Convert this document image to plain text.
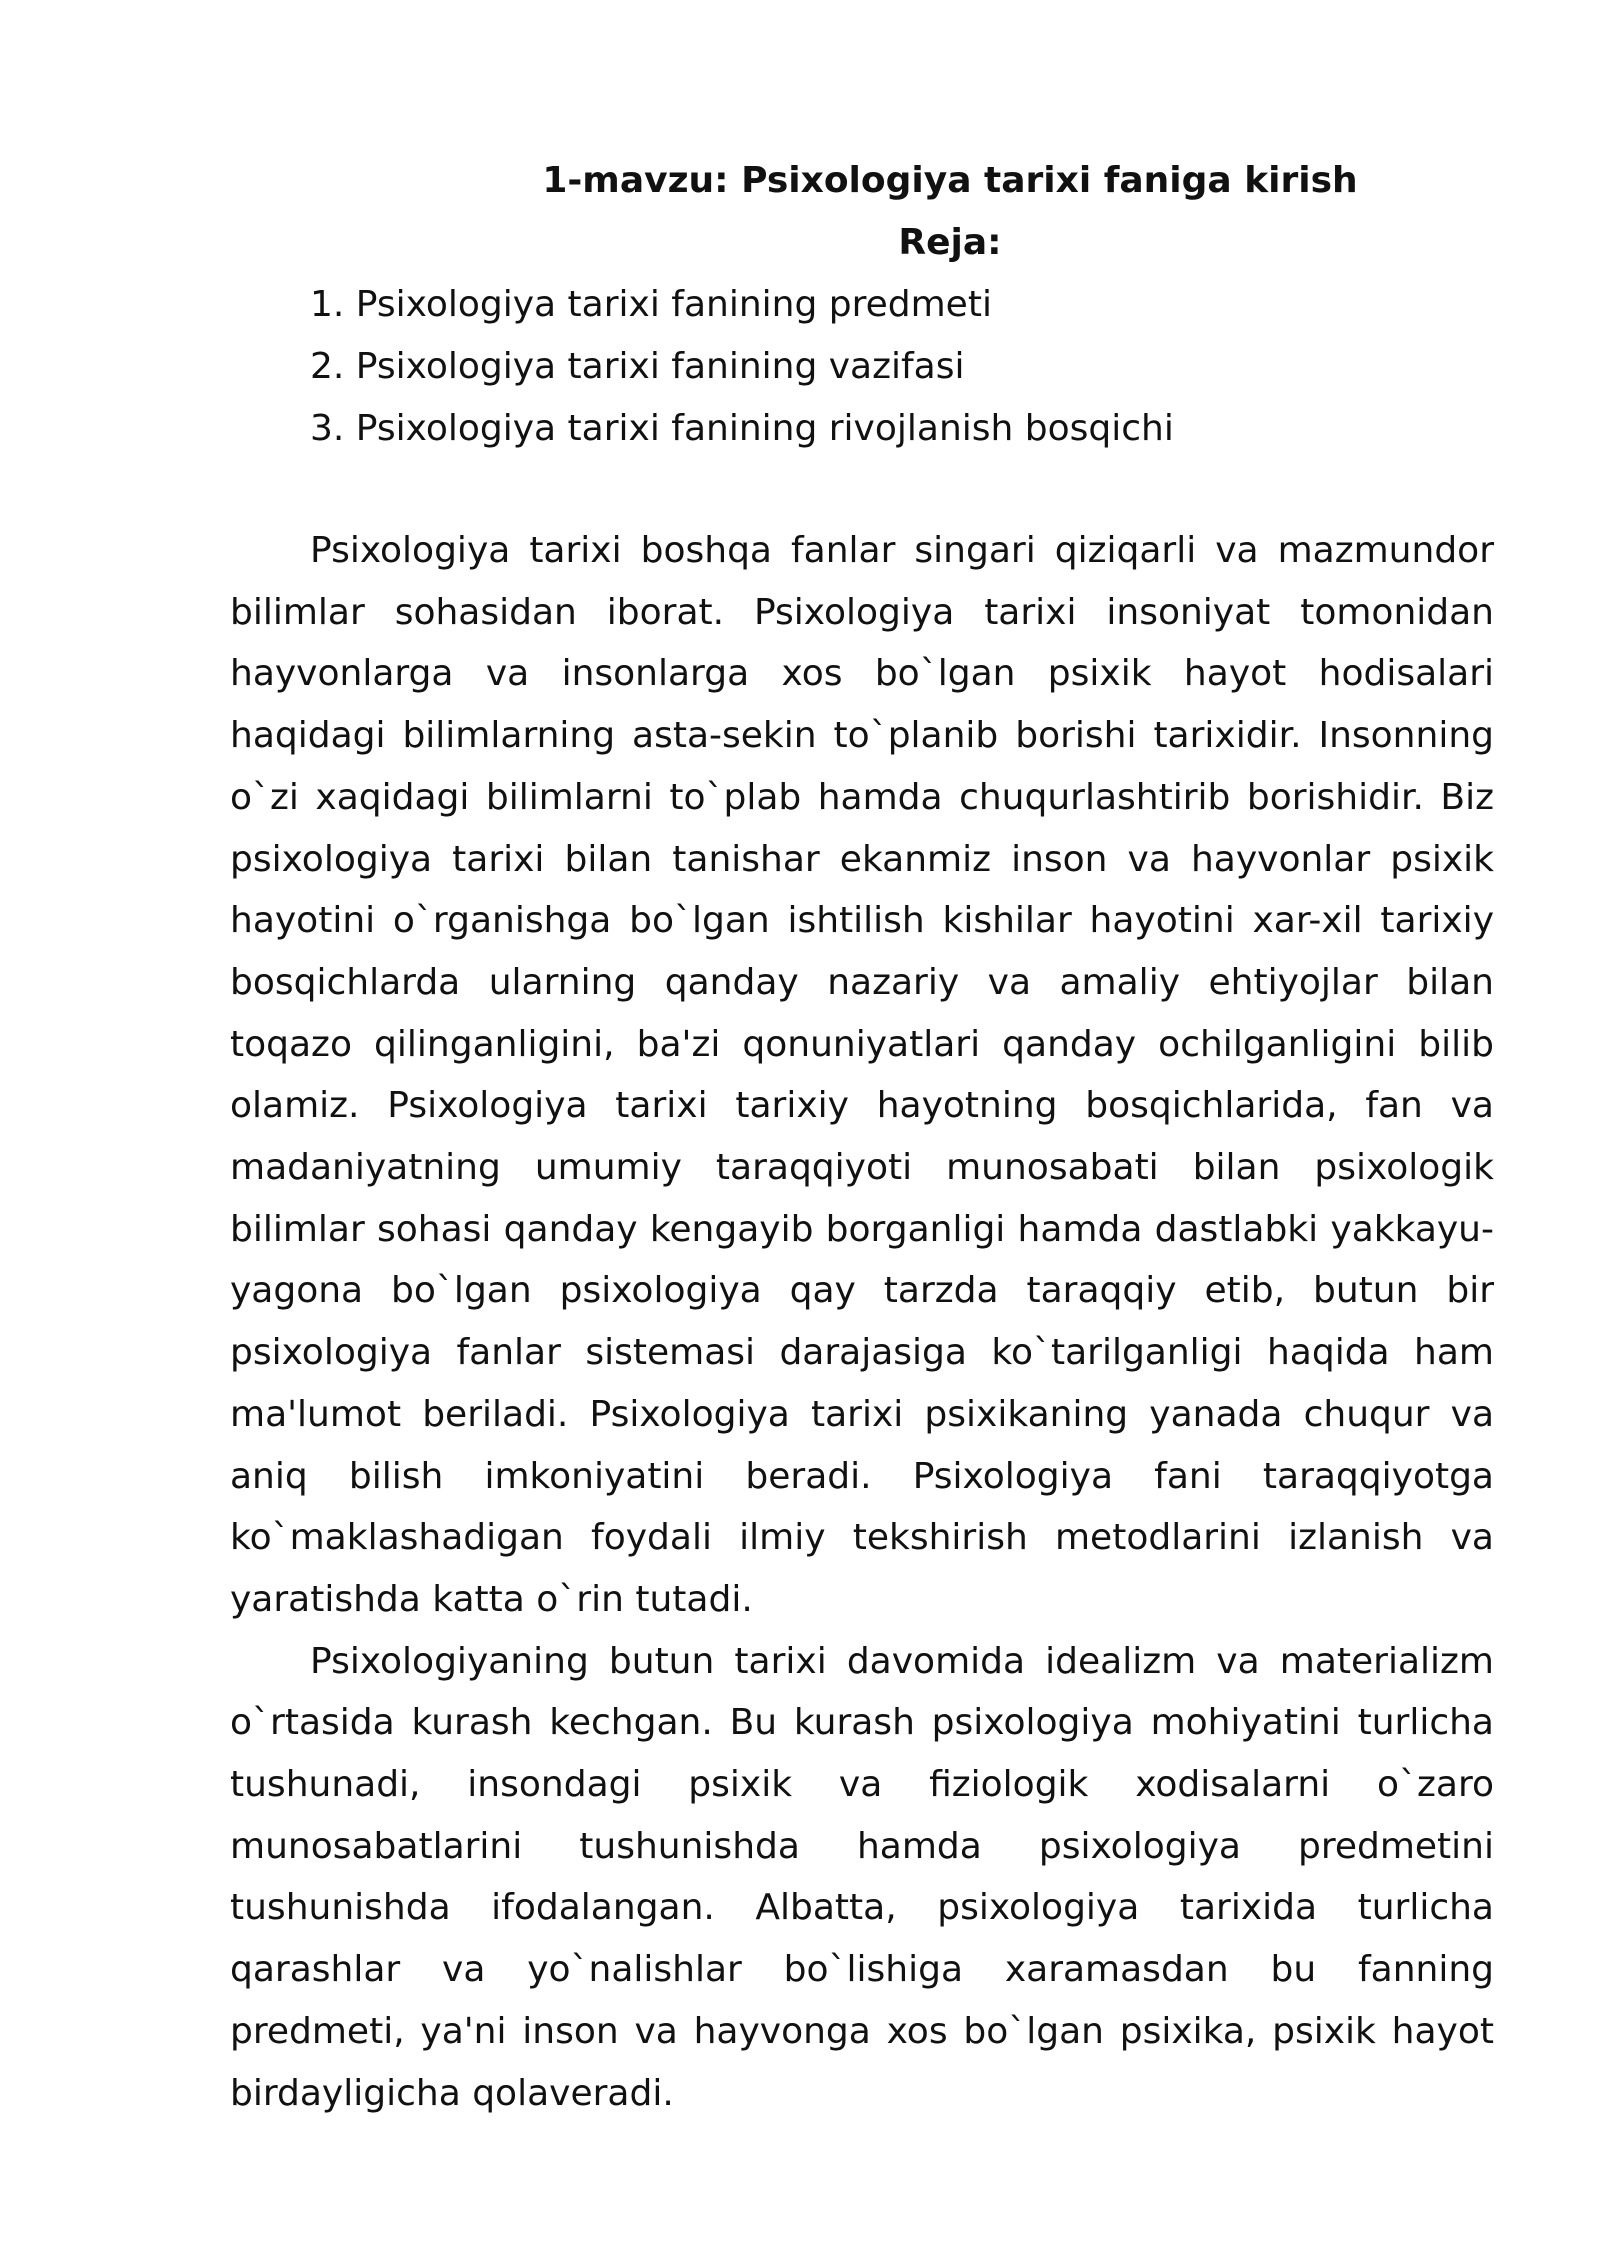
1-mavzu: Psixologiya tarixi faniga kirish
Reja:
1. Psixologiya tarixi fanining predmeti
2. Psixologiya tarixi fanining vazifasi
3. Psixologiya tarixi fanining rivojlanish bosqichi

Psixologiya tarixi boshqa fanlar singari qiziqarli va mazmundor bilimlar sohasidan iborat. Psixologiya tarixi insoniyat tomonidan hayvonlarga va insonlarga xos bo`lgan psixik hayot hodisalari haqidagi bilimlarning asta-sekin to`planib borishi tarixidir. Insonning o`zi xaqidagi bilimlarni to`plab hamda chuqurlashtirib borishidir. Biz psixologiya tarixi bilan tanishar ekanmiz inson va hayvonlar psixik hayotini o`rganishga bo`lgan ishtilish kishilar hayotini xar-xil tarixiy bosqichlarda ularning qanday nazariy va amaliy ehtiyojlar bilan toqazo qilinganligini, ba'zi qonuniyatlari qanday ochilganligini bilib olamiz. Psixologiya tarixi tarixiy hayotning bosqichlarida, fan va madaniyatning umumiy taraqqiyoti munosabati bilan psixologik bilimlar sohasi qanday kengayib borganligi hamda dastlabki yakkayu-yagona bo`lgan psixologiya qay tarzda taraqqiy etib, butun bir psixologiya fanlar sistemasi darajasiga ko`tarilganligi haqida ham ma'lumot beriladi. Psixologiya tarixi psixikaning yanada chuqur va aniq bilish imkoniyatini beradi. Psixologiya fani taraqqiyotga ko`maklashadigan foydali ilmiy tekshirish metodlarini izlanish va yaratishda katta o`rin tutadi.

Psixologiyaning butun tarixi davomida idealizm va materializm o`rtasida kurash kechgan. Bu kurash psixologiya mohiyatini turlicha tushunadi, insondagi psixik va fiziologik xodisalarni o`zaro munosabatlarini tushunishda hamda psixologiya predmetini tushunishda ifodalangan. Albatta, psixologiya tarixida turlicha qarashlar va yo`nalishlar bo`lishiga xaramasdan bu fanning predmeti, ya'ni inson va hayvonga xos bo`lgan psixika, psixik hayot birdayligicha qolaveradi.
